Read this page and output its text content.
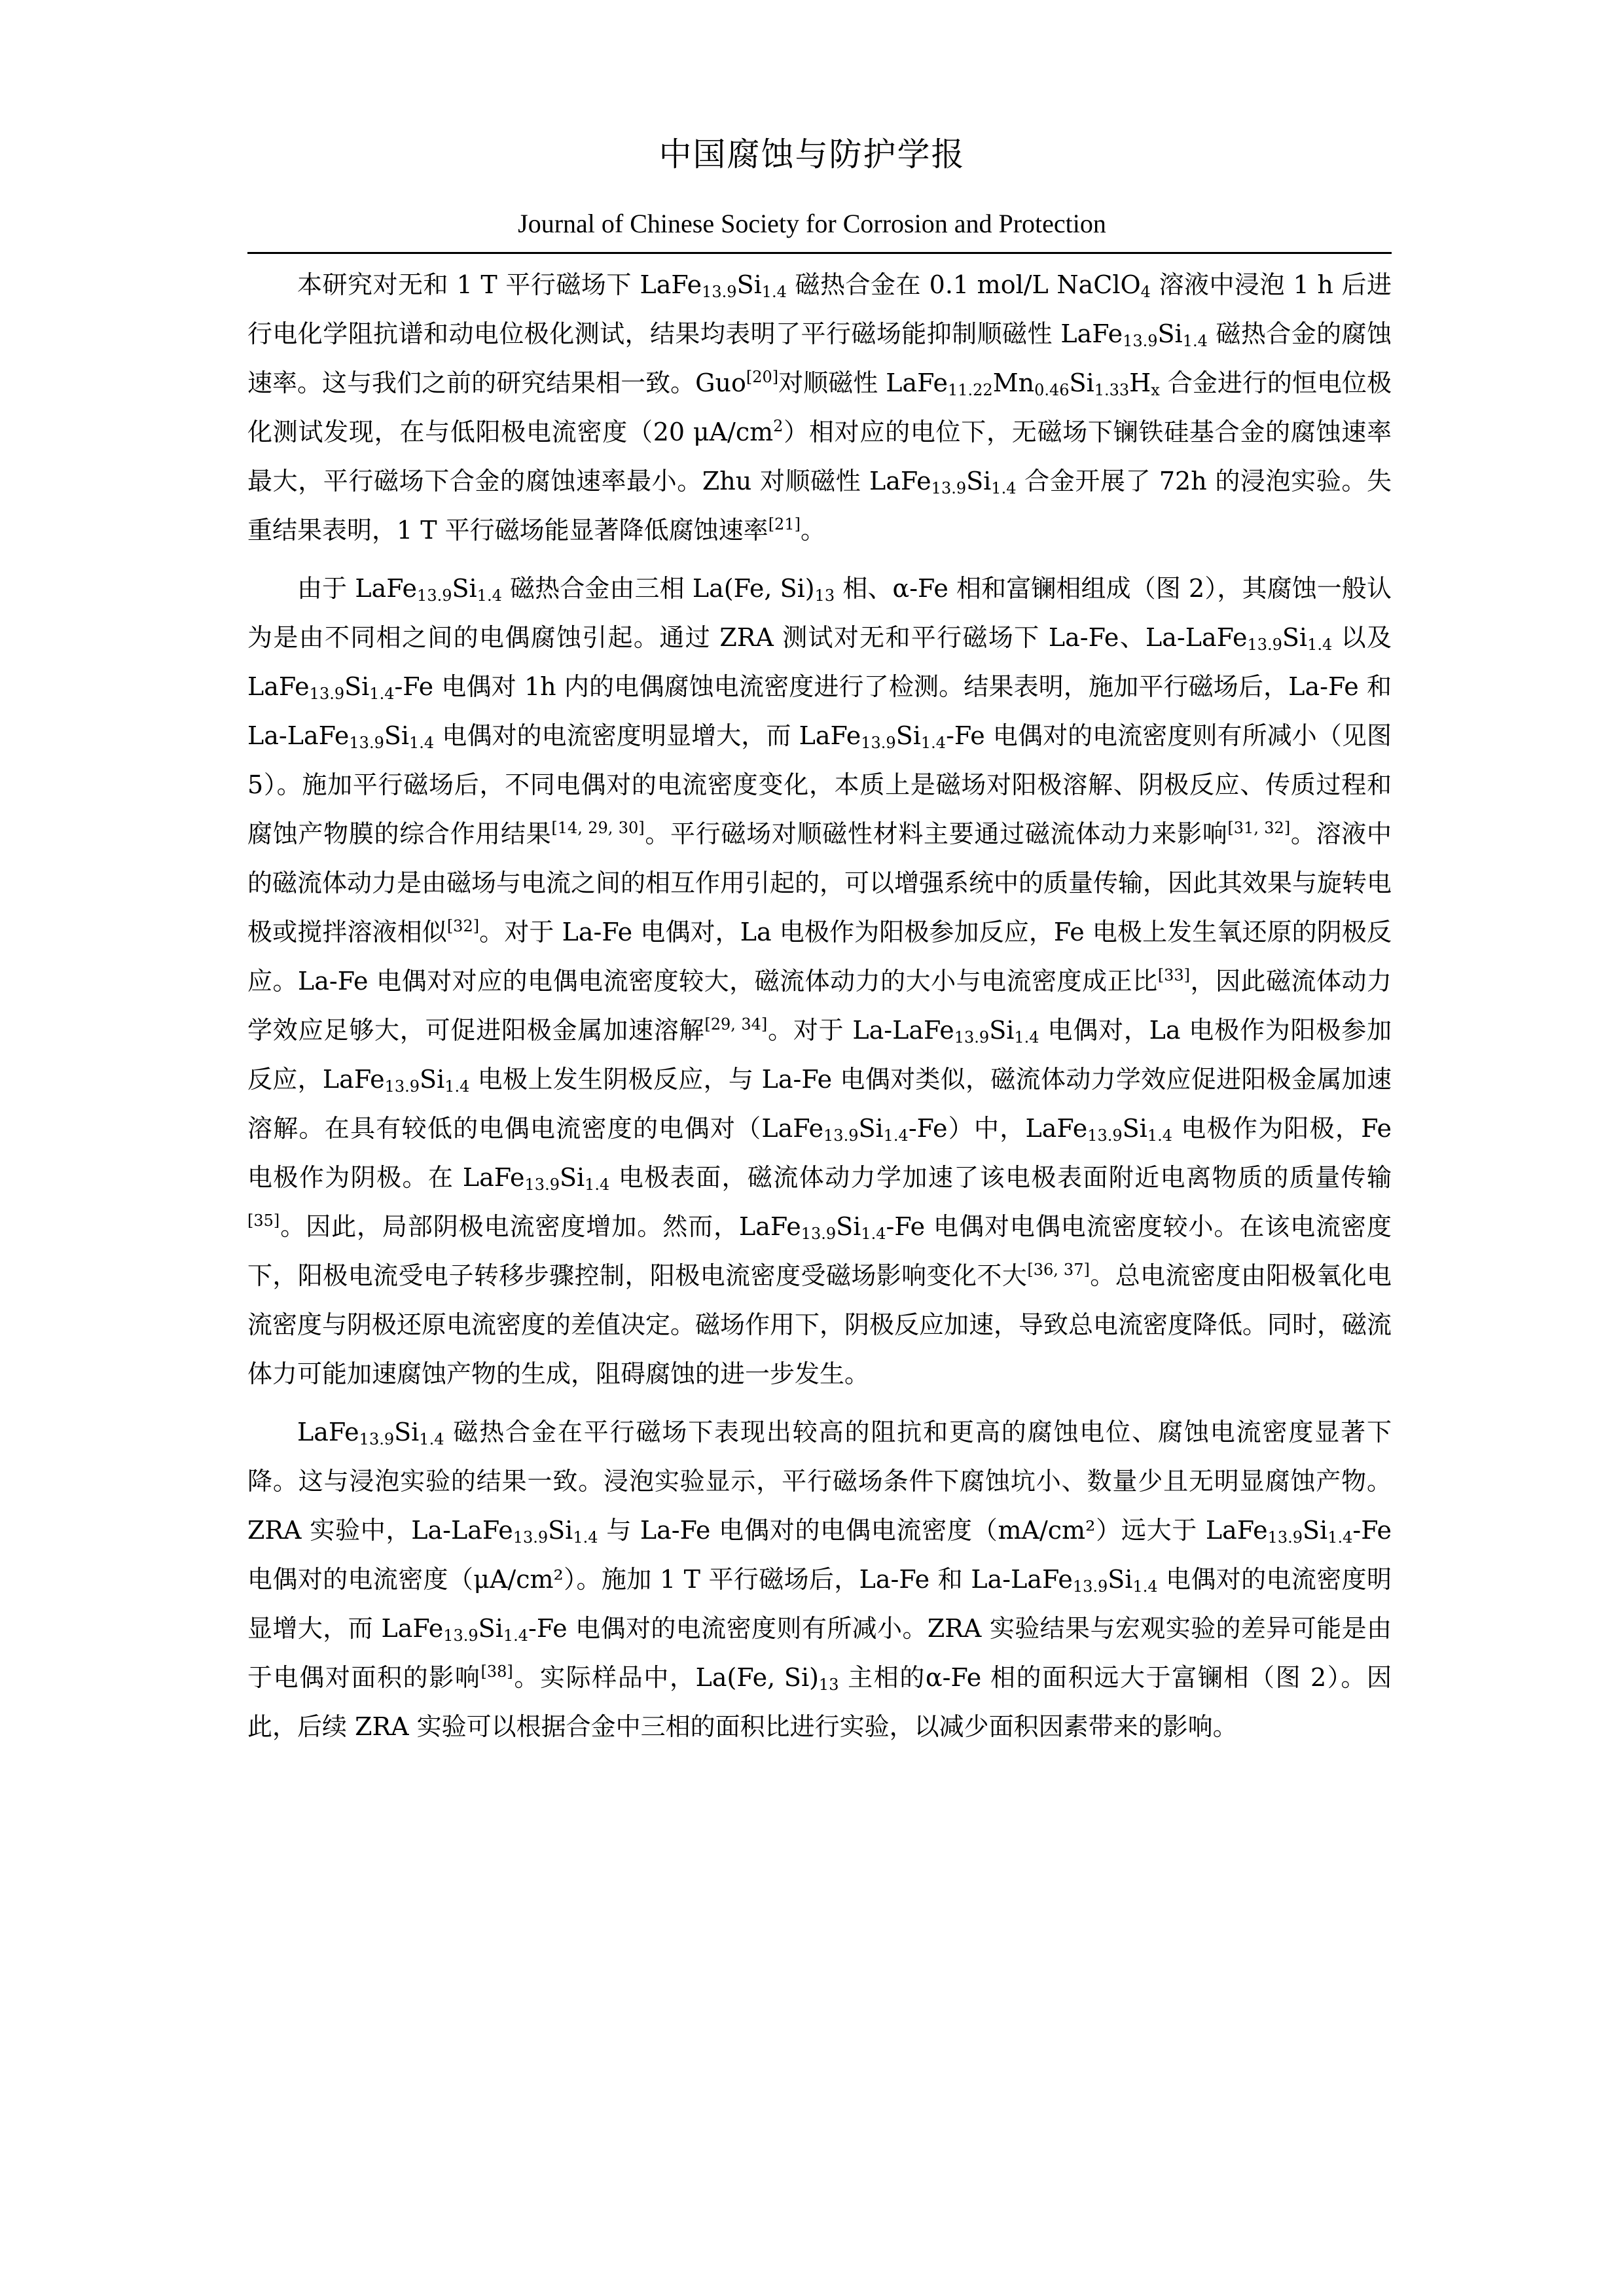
中国腐蚀与防护学报
Journal of Chinese Society for Corrosion and Protection

本研究对无和 1 T 平行磁场下 $LaFe_{13.9}Si_{1.4}$ 磁热合金在 0.1 mol/L NaClO$_4$ 溶液中浸泡 1 h 后进行电化学阻抗谱和动电位极化测试，结果均表明了平行磁场能抑制顺磁性 $LaFe_{13.9}Si_{1.4}$ 磁热合金的腐蚀速率。这与我们之前的研究结果相一致。Guo[20]对顺磁性 $LaFe_{11.22}Mn_{0.46}Si_{1.33}H_x$ 合金进行的恒电位极化测试发现，在与低阳极电流密度（20 $\mu A/cm^2$）相对应的电位下，无磁场下镧铁硅基合金的腐蚀速率最大，平行磁场下合金的腐蚀速率最小。Zhu 对顺磁性 $LaFe_{13.9}Si_{1.4}$ 合金开展了 72h 的浸泡实验。失重结果表明，1 T 平行磁场能显著降低腐蚀速率[21]。

由于 $LaFe_{13.9}Si_{1.4}$ 磁热合金由三相 La(Fe, $Si)_{13}$ 相、α-Fe 相和富镧相组成（图 2），其腐蚀一般认为是由不同相之间的电偶腐蚀引起。通过 ZRA 测试对无和平行磁场下 La-Fe、$La-LaFe_{13.9}Si_{1.4}$ 以及 $LaFe_{13.9}Si_{1.4}-Fe$ 电偶对 1h 内的电偶腐蚀电流密度进行了检测。结果表明，施加平行磁场后，La-Fe 和 $La-LaFe_{13.9}Si_{1.4}$ 电偶对的电流密度明显增大，而 $LaFe_{13.9}Si_{1.4}-Fe$ 电偶对的电流密度则有所减小（见图 5）。施加平行磁场后，不同电偶对的电流密度变化，本质上是磁场对阳极溶解、阴极反应、传质过程和腐蚀产物膜的综合作用结果[14, 29, 30]。平行磁场对顺磁性材料主要通过磁流体动力来影响[31, 32]。溶液中的磁流体动力是由磁场与电流之间的相互作用引起的，可以增强系统中的质量传输，因此其效果与旋转电极或搅拌溶液相似[32]。对于 La-Fe 电偶对，La 电极作为阳极参加反应，Fe 电极上发生氧还原的阴极反应。La-Fe 电偶对对应的电偶电流密度较大，磁流体动力的大小与电流密度成正比[33]，因此磁流体动力学效应足够大，可促进阳极金属加速溶解[29, 34]。对于 $La-LaFe_{13.9}Si_{1.4}$ 电偶对，La 电极作为阳极参加反应，$LaFe_{13.9}Si_{1.4}$ 电极上发生阴极反应，与 La-Fe 电偶对类似，磁流体动力学效应促进阳极金属加速溶解。在具有较低的电偶电流密度的电偶对$(LaFe_{13.9}Si_{1.4}-Fe)$中，$LaFe_{13.9}Si_{1.4}$ 电极作为阳极，Fe 电极作为阴极。在 $LaFe_{13.9}Si_{1.4}$ 电极表面，磁流体动力学加速了该电极表面附近电离物质的质量传输[35]。因此，局部阴极电流密度增加。然而，$LaFe_{13.9}Si_{1.4}-Fe$ 电偶对电偶电流密度较小。在该电流密度下，阳极电流受电子转移步骤控制，阳极电流密度受磁场影响变化不大[36, 37]。总电流密度由阳极氧化电流密度与阴极还原电流密度的差值决定。磁场作用下，阴极反应加速，导致总电流密度降低。同时，磁流体力可能加速腐蚀产物的生成，阻碍腐蚀的进一步发生。

$LaFe_{13.9}Si_{1.4}$ 磁热合金在平行磁场下表现出较高的阻抗和更高的腐蚀电位、腐蚀电流密度显著下降。这与浸泡实验的结果一致。浸泡实验显示，平行磁场条件下腐蚀坑小、数量少且无明显腐蚀产物。ZRA 实验中，$La-LaFe_{13.9}Si_{1.4}$ 与 La-Fe 电偶对的电偶电流密度（mA/cm²）远大于 $LaFe_{13.9}Si_{1.4}-Fe$ 电偶对的电流密度（μA/cm²）。施加 1 T 平行磁场后，La-Fe 和 $La-LaFe_{13.9}Si_{1.4}$ 电偶对的电流密度明显增大，而 $LaFe_{13.9}Si_{1.4}-Fe$ 电偶对的电流密度则有所减小。ZRA 实验结果与宏观实验的差异可能是由于电偶对面积的影响[38]。实际样品中，La(Fe, $Si)_{13}$ 主相的α-Fe 相的面积远大于富镧相（图 2）。因此，后续 ZRA 实验可以根据合金中三相的面积比进行实验，以减少面积因素带来的影响。
